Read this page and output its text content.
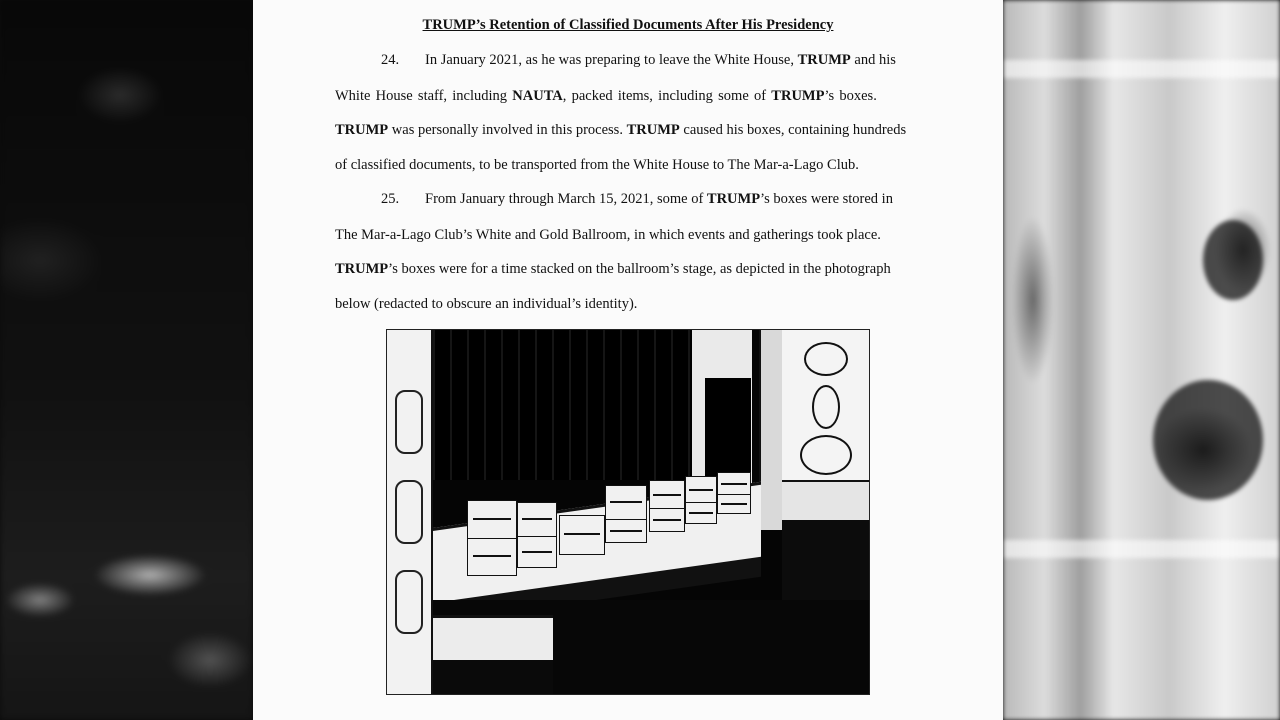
TRUMP’s Retention of Classified Documents After His Presidency
24. In January 2021, as he was preparing to leave the White House, TRUMP and his
White House staff, including NAUTA, packed items, including some of TRUMP’s boxes.
TRUMP was personally involved in this process. TRUMP caused his boxes, containing hundreds
of classified documents, to be transported from the White House to The Mar-a-Lago Club.
25. From January through March 15, 2021, some of TRUMP’s boxes were stored in
The Mar-a-Lago Club’s White and Gold Ballroom, in which events and gatherings took place.
TRUMP’s boxes were for a time stacked on the ballroom’s stage, as depicted in the photograph
below (redacted to obscure an individual’s identity).
